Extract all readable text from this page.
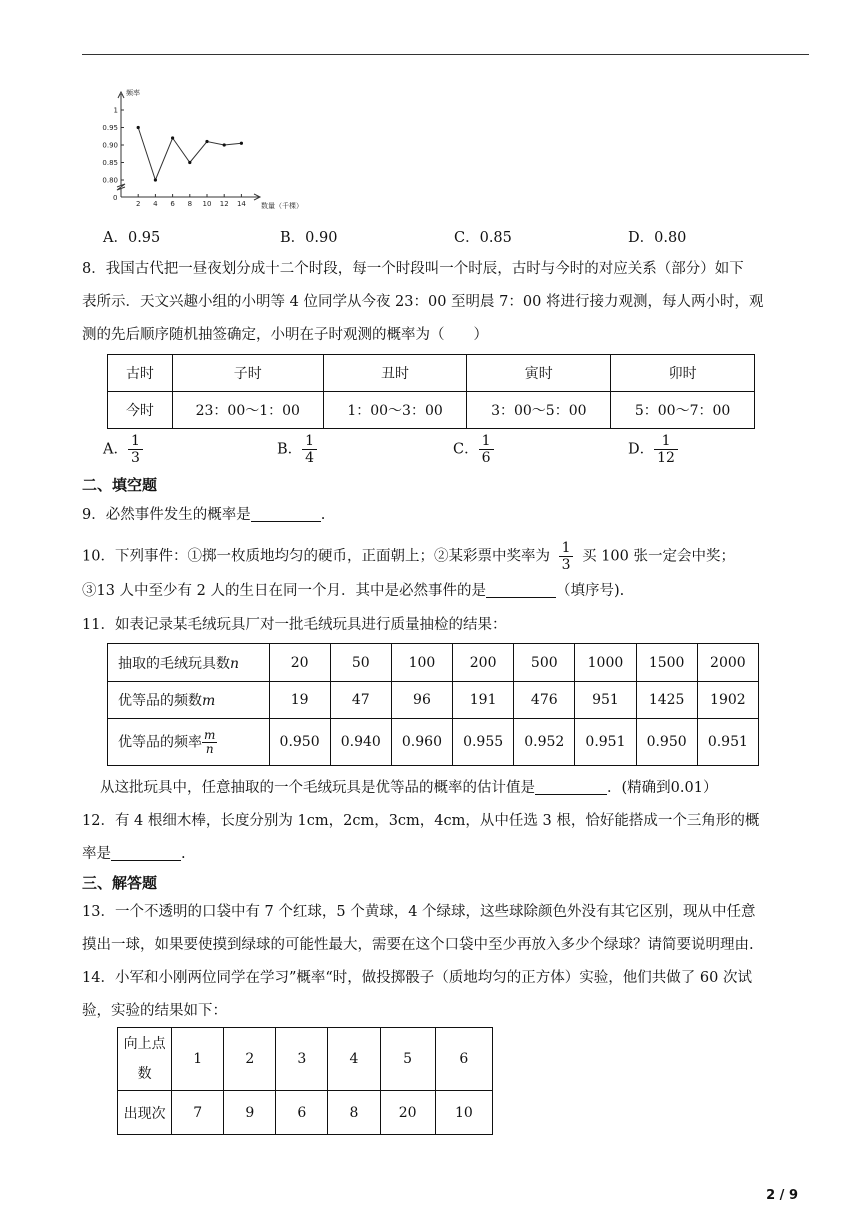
频率
数量（千棵）
0
1
0.95
0.90
0.85
0.80
2 4 6 8 10 12 14
A．0.95	B．0.90	C．0.85	D．0.80
8．我国古代把一昼夜划分成十二个时段，每一个时段叫一个时辰，古时与今时的对应关系（部分）如下
表所示．天文兴趣小组的小明等 4 位同学从今夜 23：00 至明晨 7：00 将进行接力观测，每人两小时，观
测的先后顺序随机抽签确定，小明在子时观测的概率为（　　）
古时	子时	丑时	寅时	卯时
今时	23：00～1：00	1：00～3：00	3：00～5：00	5：00～7：00
A． $\frac{1}{3}$	B． $\frac{1}{4}$	C． $\frac{1}{6}$	D． $\frac{1}{12}$
二、填空题
9．必然事件发生的概率是	.
10．下列事件：①掷一枚质地均匀的硬币，正面朝上；②某彩票中奖率为 $\frac{1}{3}$ 买 100 张一定会中奖；
③13 人中至少有 2 人的生日在同一个月．其中是必然事件的是	（填序号).
11．如表记录某毛绒玩具厂对一批毛绒玩具进行质量抽检的结果：
抽取的毛绒玩具数n	20	50	100	200	500	1000	1500	2000
优等品的频数m	19	47	96	191	476	951	1425	1902
优等品的频率 $\frac{m}{n}$	0.950	0.940	0.960	0.955	0.952	0.951	0.950	0.951
从这批玩具中，任意抽取的一个毛绒玩具是优等品的概率的估计值是	．(精确到0.01）
12．有 4 根细木棒，长度分别为 1cm，2cm，3cm，4cm，从中任选 3 根，恰好能搭成一个三角形的概
率是	.
三、解答题
13．一个不透明的口袋中有 7 个红球，5 个黄球，4 个绿球，这些球除颜色外没有其它区别，现从中任意
摸出一球，如果要使摸到绿球的可能性最大，需要在这个口袋中至少再放入多少个绿球？请简要说明理由.
14．小军和小刚两位同学在学习”概率“时，做投掷骰子（质地均匀的正方体）实验，他们共做了 60 次试
验，实验的结果如下：
向上点
数	1	2	3	4	5	6
出现次	7	9	6	8	20	10
2 / 9
